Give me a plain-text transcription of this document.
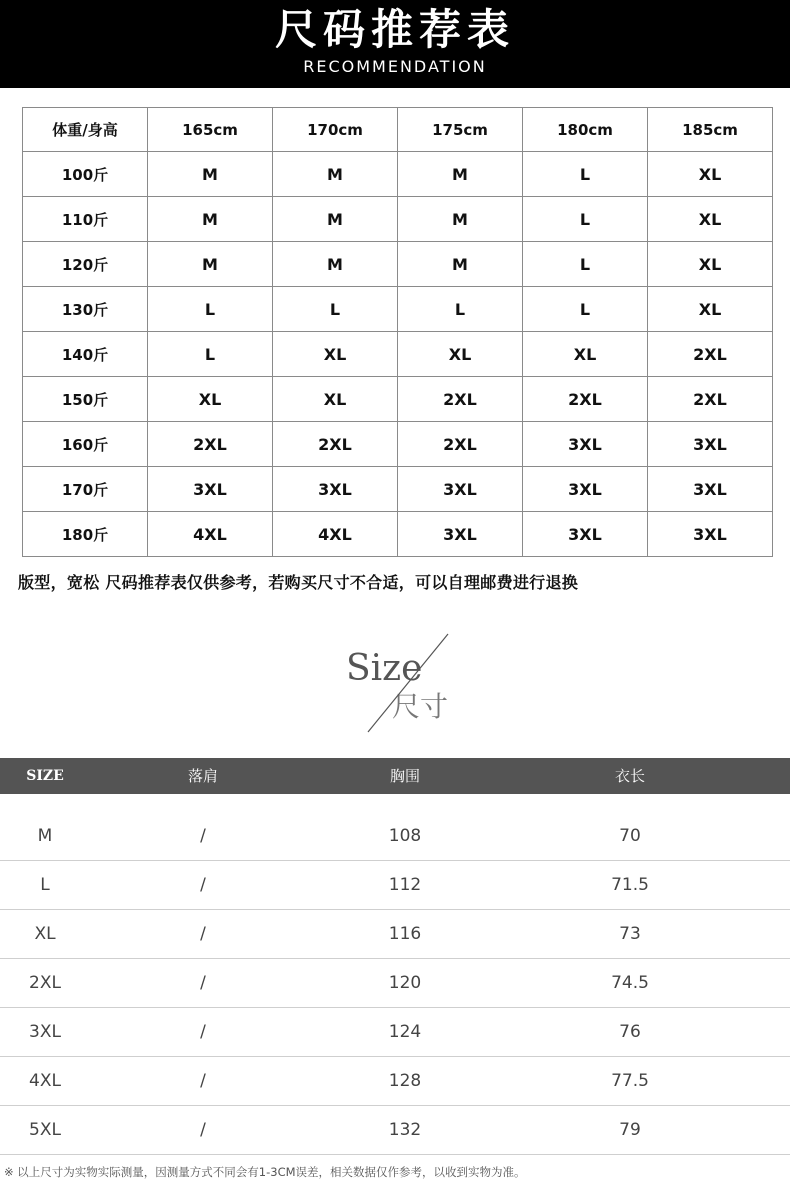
尺码推荐表
RECOMMENDATION
体重/身高	165cm	170cm	175cm	180cm	185cm
100斤	M	M	M	L	XL
110斤	M	M	M	L	XL
120斤	M	M	M	L	XL
130斤	L	L	L	L	XL
140斤	L	XL	XL	XL	2XL
150斤	XL	XL	2XL	2XL	2XL
160斤	2XL	2XL	2XL	3XL	3XL
170斤	3XL	3XL	3XL	3XL	3XL
180斤	4XL	4XL	3XL	3XL	3XL
版型，宽松 尺码推荐表仅供参考，若购买尺寸不合适，可以自理邮费进行退换
Size
尺寸
SIZE	落肩	胸围	衣长
M	/	108	70
L	/	112	71.5
XL	/	116	73
2XL	/	120	74.5
3XL	/	124	76
4XL	/	128	77.5
5XL	/	132	79
※ 以上尺寸为实物实际测量，因测量方式不同会有1-3CM误差，相关数据仅作参考，以收到实物为准。
